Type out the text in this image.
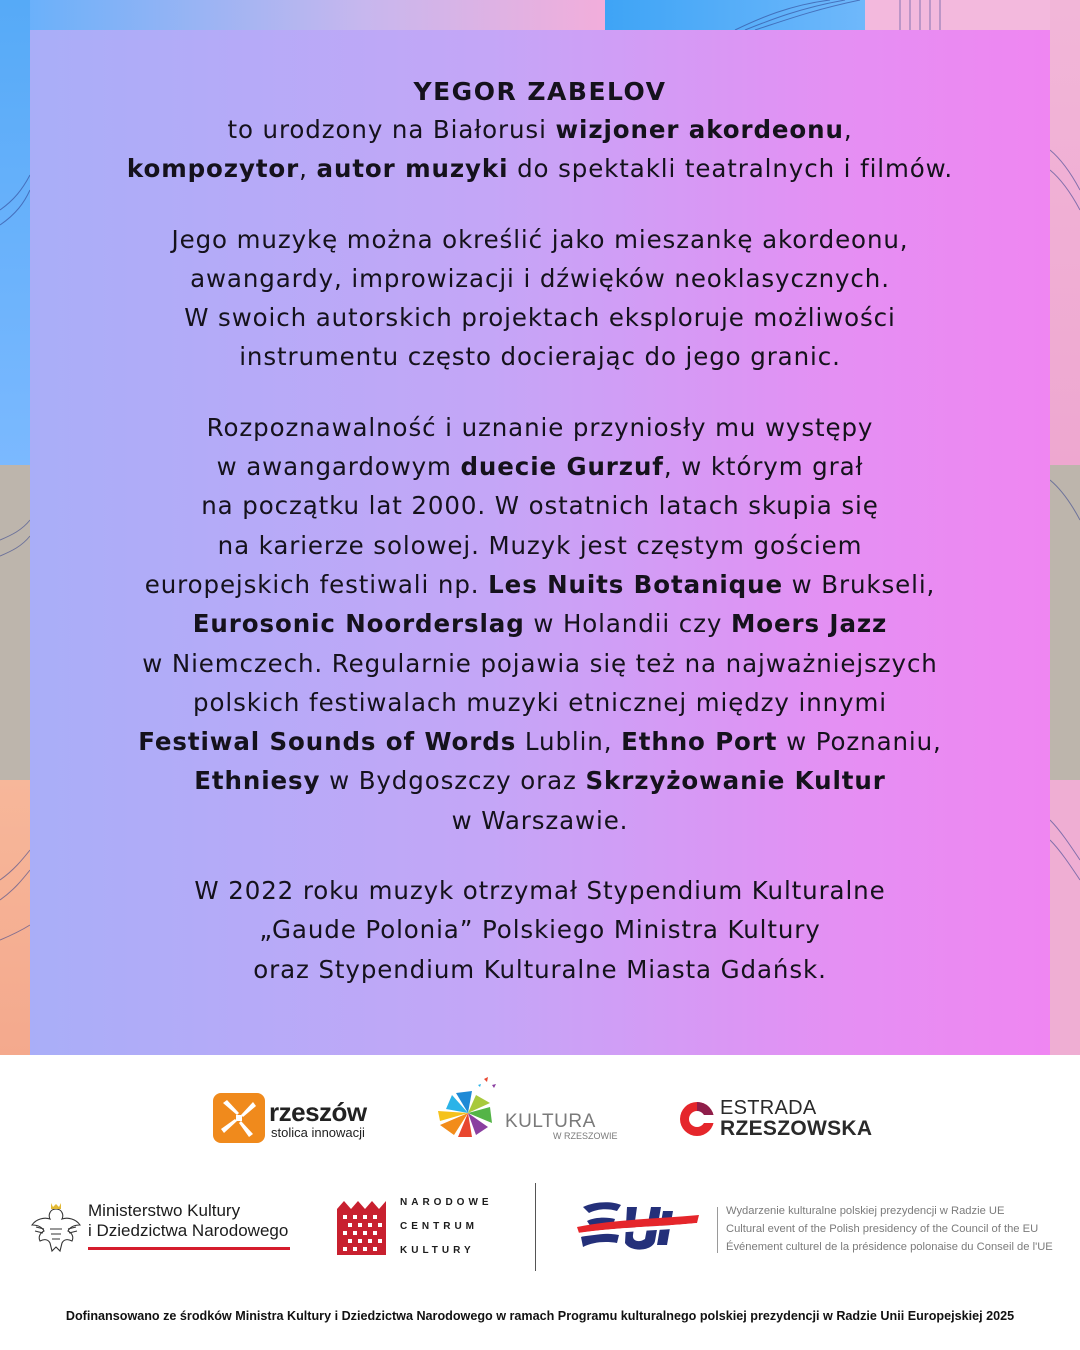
YEGOR ZABELOV
to urodzony na Białorusi wizjoner akordeonu,
kompozytor, autor muzyki do spektakli teatralnych i filmów.
Jego muzykę można określić jako mieszankę akordeonu,
awangardy, improwizacji i dźwięków neoklasycznych.
W swoich autorskich projektach eksploruje możliwości
instrumentu często docierając do jego granic.
Rozpoznawalność i uznanie przyniosły mu występy
w awangardowym duecie Gurzuf, w którym grał
na początku lat 2000. W ostatnich latach skupia się
na karierze solowej. Muzyk jest częstym gościem
europejskich festiwali np. Les Nuits Botanique w Brukseli,
Eurosonic Noorderslag w Holandii czy Moers Jazz
w Niemczech. Regularnie pojawia się też na najważniejszych
polskich festiwalach muzyki etnicznej między innymi
Festiwal Sounds of Words Lublin, Ethno Port w Poznaniu,
Ethniesy w Bydgoszczy oraz Skrzyżowanie Kultur
w Warszawie.
W 2022 roku muzyk otrzymał Stypendium Kulturalne
„Gaude Polonia” Polskiego Ministra Kultury
oraz Stypendium Kulturalne Miasta Gdańsk.
rzeszów
stolica innowacji
KULTURA
W RZESZOWIE
ESTRADA
RZESZOWSKA
Ministerstwo Kultury
i Dziedzictwa Narodowego
NARODOWE
CENTRUM
KULTURY
Wydarzenie kulturalne polskiej prezydencji w Radzie UE
Cultural event of the Polish presidency of the Council of the EU
Événement culturel de la présidence polonaise du Conseil de l'UE
Dofinansowano ze środków Ministra Kultury i Dziedzictwa Narodowego w ramach Programu kulturalnego polskiej prezydencji w Radzie Unii Europejskiej 2025
